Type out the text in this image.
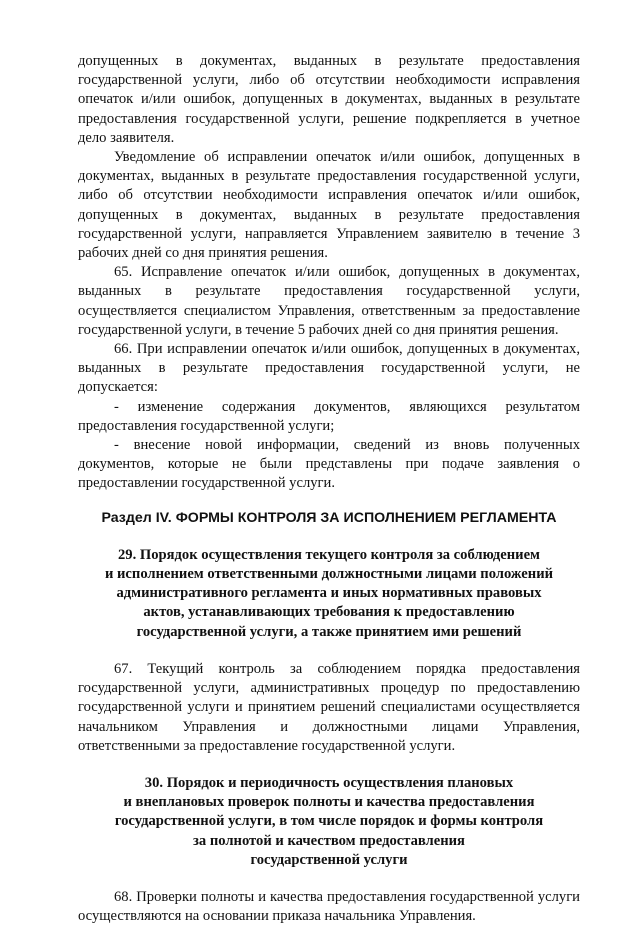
допущенных в документах, выданных в результате предоставления государственной услуги, либо об отсутствии необходимости исправления опечаток и/или ошибок, допущенных в документах, выданных в результате предоставления государственной услуги, решение подкрепляется в учетное дело заявителя.

Уведомление об исправлении опечаток и/или ошибок, допущенных в документах, выданных в результате предоставления государственной услуги, либо об отсутствии необходимости исправления опечаток и/или ошибок, допущенных в документах, выданных в результате предоставления государственной услуги, направляется Управлением заявителю в течение 3 рабочих дней со дня принятия решения.

65. Исправление опечаток и/или ошибок, допущенных в документах, выданных в результате предоставления государственной услуги, осуществляется специалистом Управления, ответственным за предоставление государственной услуги, в течение 5 рабочих дней со дня принятия решения.

66. При исправлении опечаток и/или ошибок, допущенных в документах, выданных в результате предоставления государственной услуги, не допускается:

- изменение содержания документов, являющихся результатом предоставления государственной услуги;

- внесение новой информации, сведений из вновь полученных документов, которые не были представлены при подаче заявления о предоставлении государственной услуги.

Раздел IV. ФОРМЫ КОНТРОЛЯ ЗА ИСПОЛНЕНИЕМ РЕГЛАМЕНТА

29. Порядок осуществления текущего контроля за соблюдением
и исполнением ответственными должностными лицами положений
административного регламента и иных нормативных правовых
актов, устанавливающих требования к предоставлению
государственной услуги, а также принятием ими решений

67. Текущий контроль за соблюдением порядка предоставления государственной услуги, административных процедур по предоставлению государственной услуги и принятием решений специалистами осуществляется начальником Управления и должностными лицами Управления, ответственными за предоставление государственной услуги.

30. Порядок и периодичность осуществления плановых
и внеплановых проверок полноты и качества предоставления
государственной услуги, в том числе порядок и формы контроля
за полнотой и качеством предоставления
государственной услуги

68. Проверки полноты и качества предоставления государственной услуги осуществляются на основании приказа начальника Управления.
